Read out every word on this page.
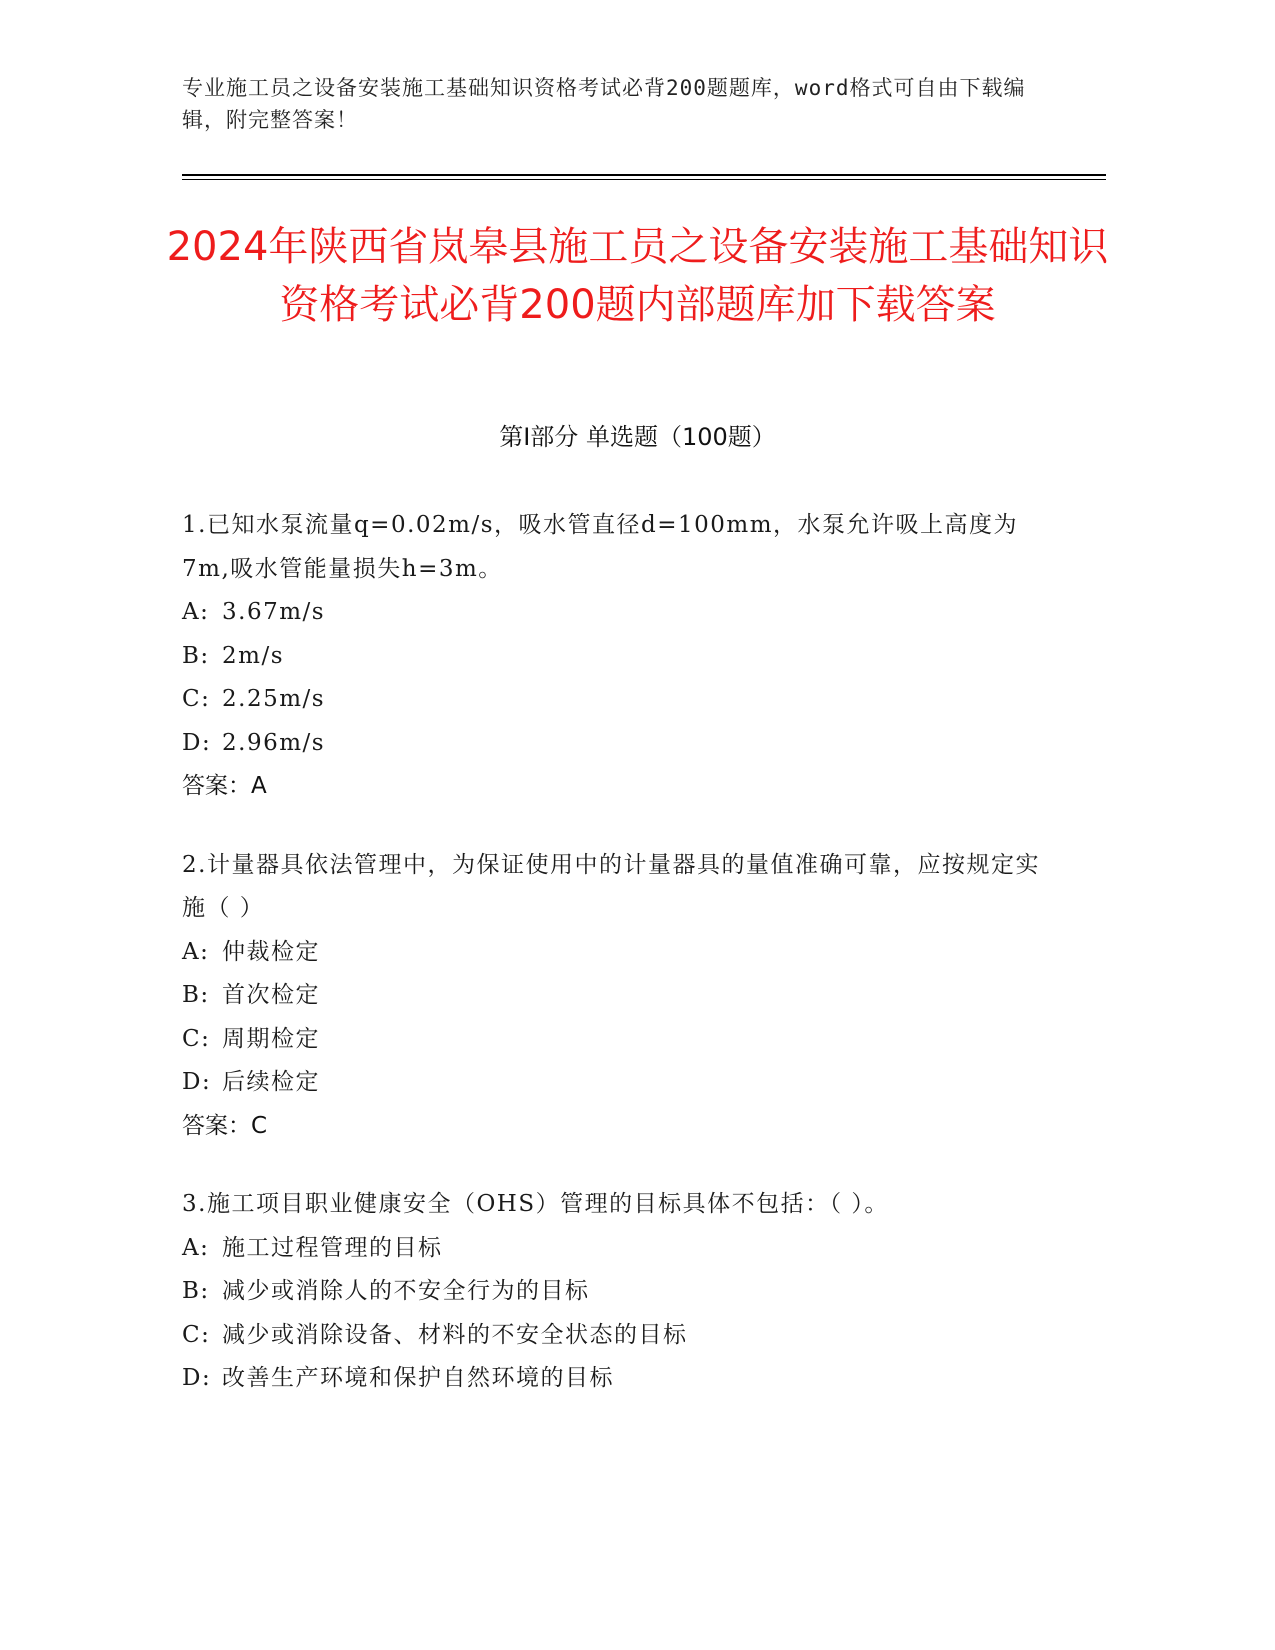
专业施工员之设备安装施工基础知识资格考试必背200题题库，word格式可自由下载编辑，附完整答案！
2024年陕西省岚皋县施工员之设备安装施工基础知识资格考试必背200题内部题库加下载答案
第Ⅰ部分 单选题（100题）
1.已知水泵流量q=0.02m/s，吸水管直径d=100mm，水泵允许吸上高度为7m,吸水管能量损失h=3m。
A: 3.67m/s
B: 2m/s
C: 2.25m/s
D: 2.96m/s
答案：A
2.计量器具依法管理中，为保证使用中的计量器具的量值准确可靠，应按规定实施（ ）
A: 仲裁检定
B: 首次检定
C: 周期检定
D: 后续检定
答案：C
3.施工项目职业健康安全（OHS）管理的目标具体不包括：（ ）。
A: 施工过程管理的目标
B: 减少或消除人的不安全行为的目标
C: 减少或消除设备、材料的不安全状态的目标
D: 改善生产环境和保护自然环境的目标
